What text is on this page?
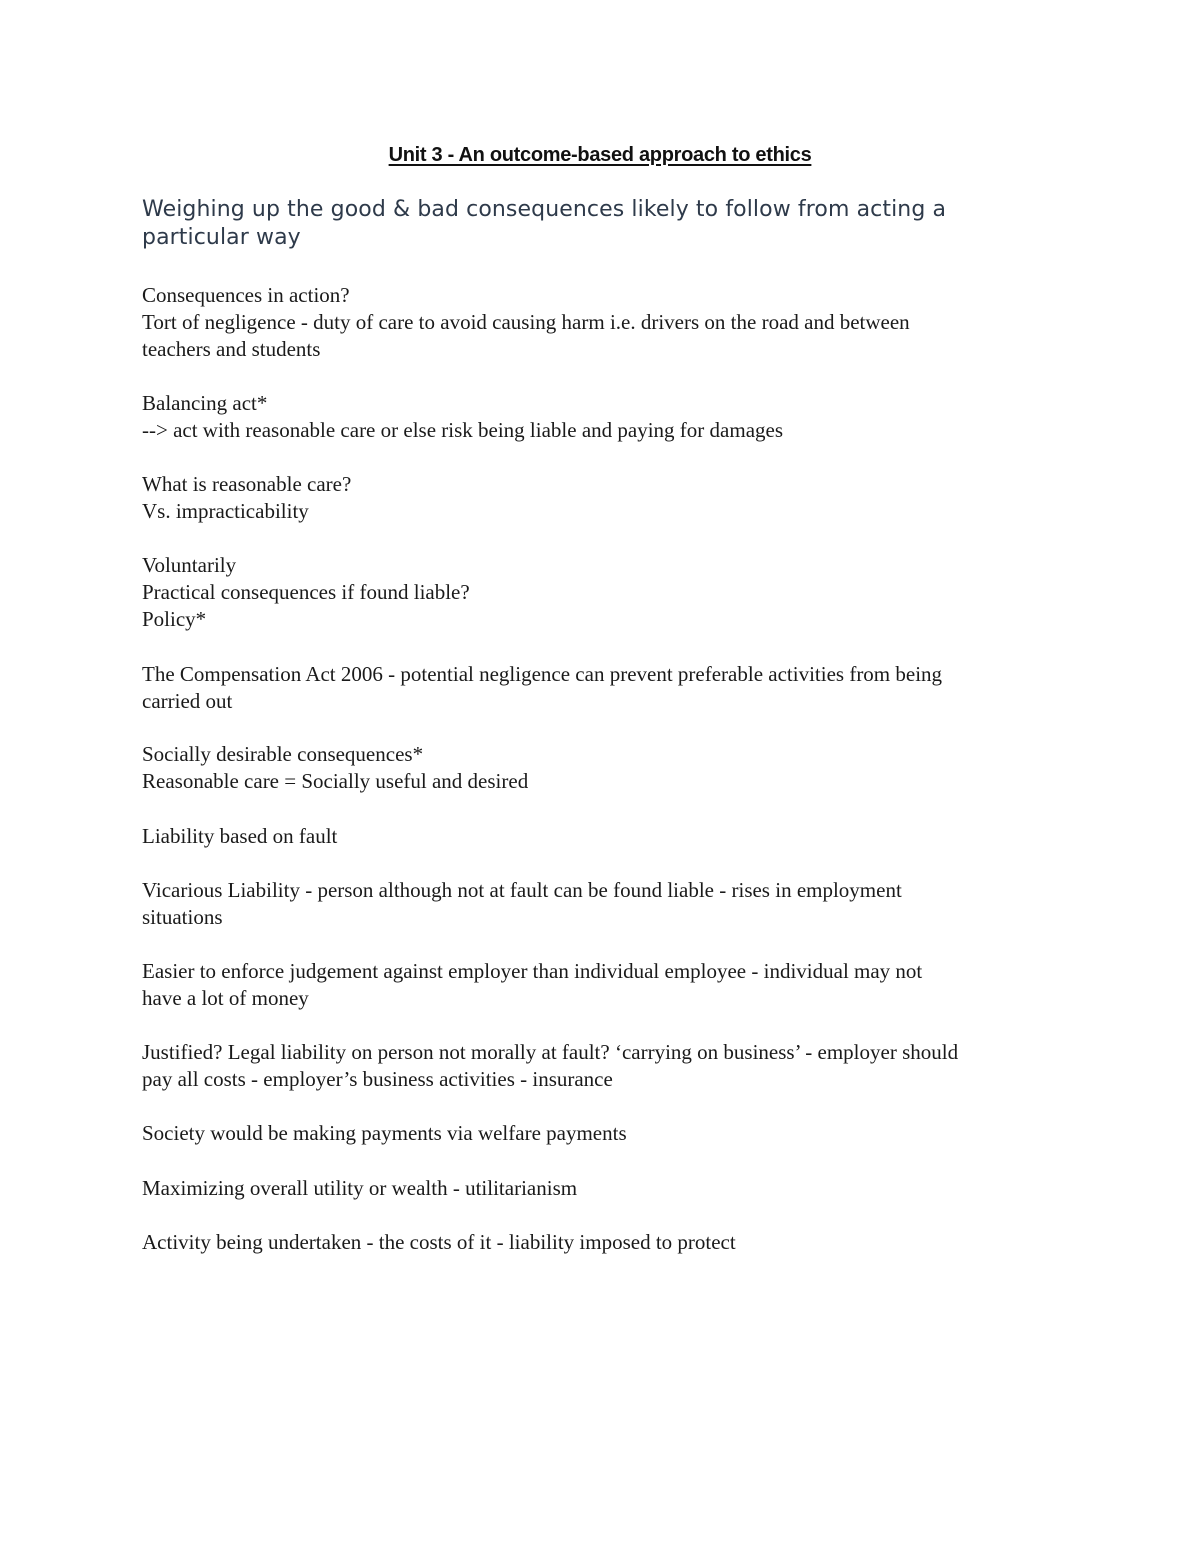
Unit 3 - An outcome-based approach to ethics
Weighing up the good & bad consequences likely to follow from acting a
particular way
Consequences in action?
Tort of negligence - duty of care to avoid causing harm i.e. drivers on the road and between
teachers and students
Balancing act*
--> act with reasonable care or else risk being liable and paying for damages
What is reasonable care?
Vs. impracticability
Voluntarily
Practical consequences if found liable?
Policy*
The Compensation Act 2006 - potential negligence can prevent preferable activities from being
carried out
Socially desirable consequences*
Reasonable care = Socially useful and desired
Liability based on fault
Vicarious Liability - person although not at fault can be found liable - rises in employment
situations
Easier to enforce judgement against employer than individual employee - individual may not
have a lot of money
Justified? Legal liability on person not morally at fault? ‘carrying on business’ - employer should
pay all costs - employer’s business activities - insurance
Society would be making payments via welfare payments
Maximizing overall utility or wealth - utilitarianism
Activity being undertaken - the costs of it - liability imposed to protect
